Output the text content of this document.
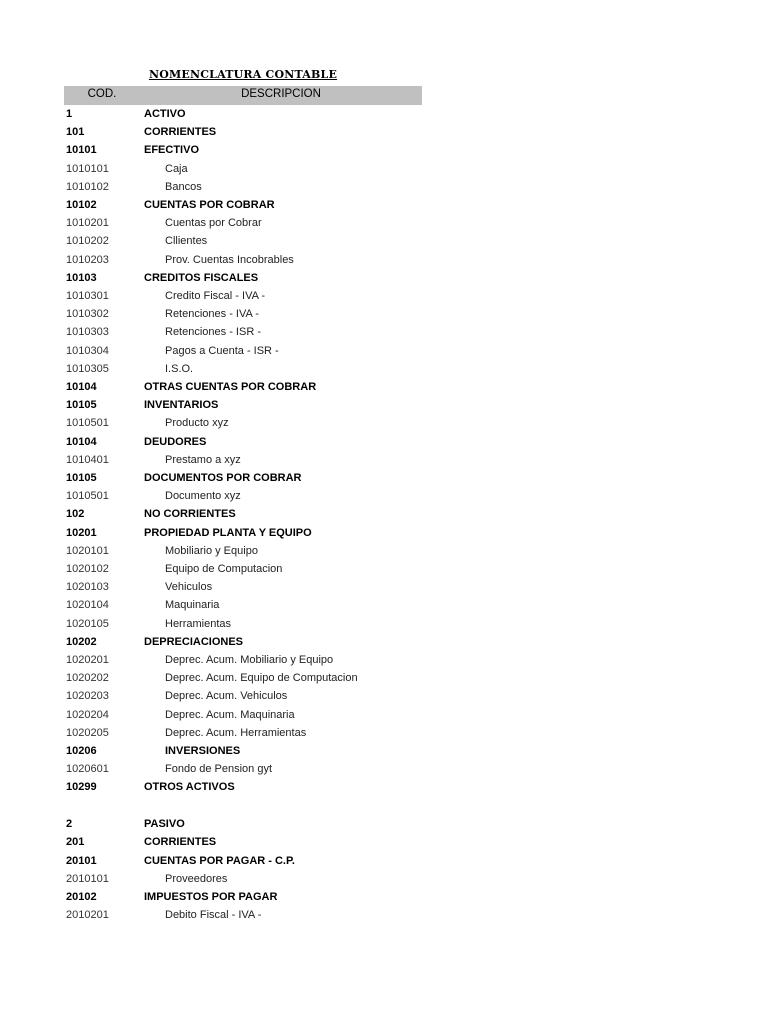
NOMENCLATURA CONTABLE
COD.	DESCRIPCION
1	ACTIVO
101	CORRIENTES
10101	EFECTIVO
1010101	Caja
1010102	Bancos
10102	CUENTAS POR COBRAR
1010201	Cuentas por Cobrar
1010202	Cllientes
1010203	Prov. Cuentas Incobrables
10103	CREDITOS FISCALES
1010301	Credito Fiscal - IVA -
1010302	Retenciones - IVA -
1010303	Retenciones - ISR -
1010304	Pagos a Cuenta - ISR -
1010305	I.S.O.
10104	OTRAS CUENTAS POR COBRAR
10105	INVENTARIOS
1010501	Producto xyz
10104	DEUDORES
1010401	Prestamo a xyz
10105	DOCUMENTOS POR COBRAR
1010501	Documento xyz
102	NO CORRIENTES
10201	PROPIEDAD PLANTA Y EQUIPO
1020101	Mobiliario y Equipo
1020102	Equipo de Computacion
1020103	Vehiculos
1020104	Maquinaria
1020105	Herramientas
10202	DEPRECIACIONES
1020201	Deprec. Acum. Mobiliario y Equipo
1020202	Deprec. Acum. Equipo de Computacion
1020203	Deprec. Acum. Vehiculos
1020204	Deprec. Acum. Maquinaria
1020205	Deprec. Acum. Herramientas
10206	INVERSIONES
1020601	Fondo de Pension gyt
10299	OTROS ACTIVOS
2	PASIVO
201	CORRIENTES
20101	CUENTAS POR PAGAR - C.P.
2010101	Proveedores
20102	IMPUESTOS POR PAGAR
2010201	Debito Fiscal - IVA -
